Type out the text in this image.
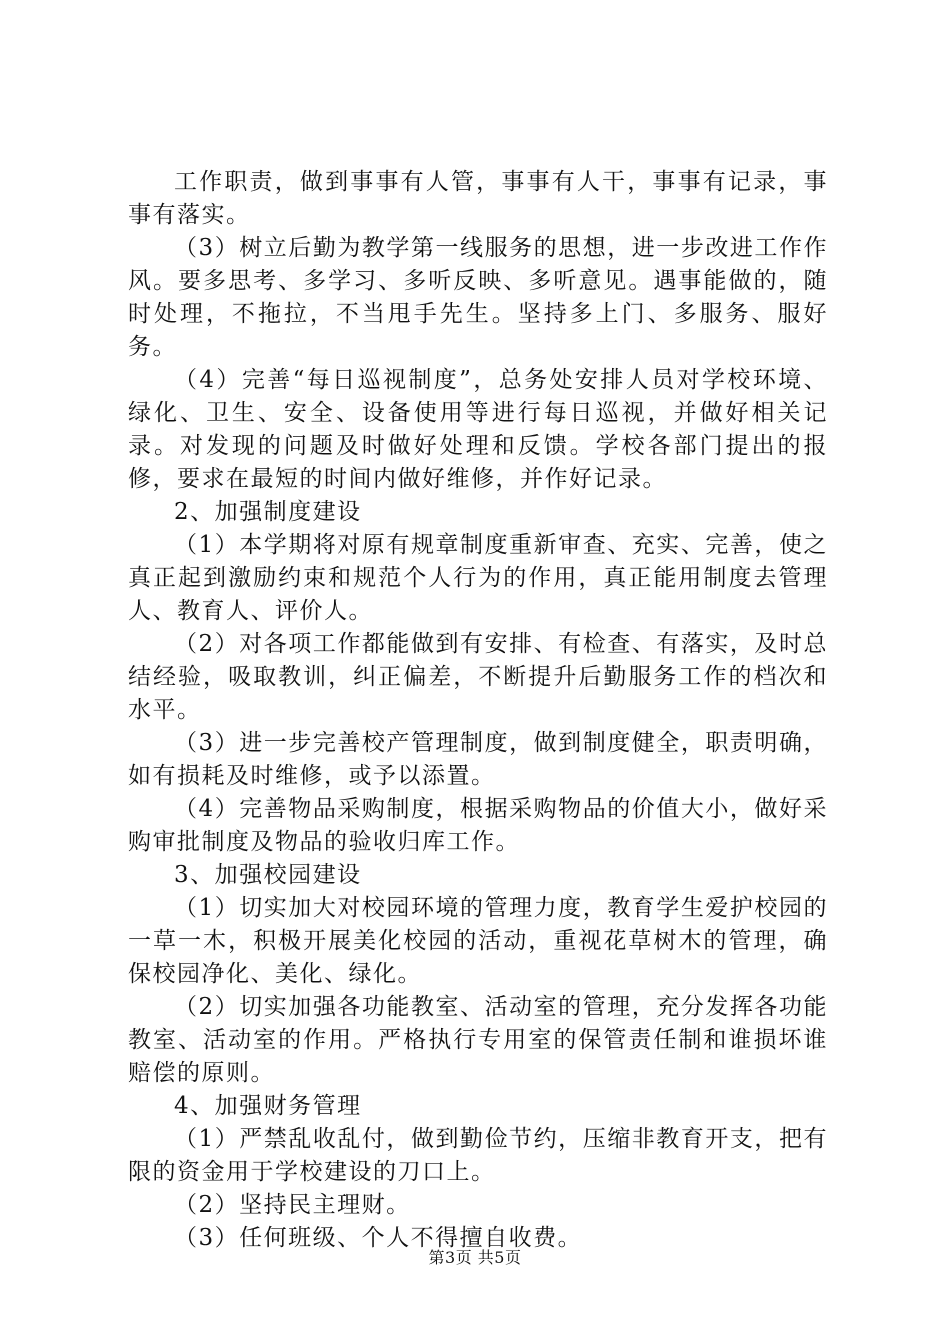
工作职责，做到事事有人管，事事有人干，事事有记录，事事有落实。

（3）树立后勤为教学第一线服务的思想，进一步改进工作作风。要多思考、多学习、多听反映、多听意见。遇事能做的，随时处理，不拖拉，不当甩手先生。坚持多上门、多服务、服好务。

（4）完善“每日巡视制度”，总务处安排人员对学校环境、绿化、卫生、安全、设备使用等进行每日巡视，并做好相关记录。对发现的问题及时做好处理和反馈。学校各部门提出的报修，要求在最短的时间内做好维修，并作好记录。

2、加强制度建设

（1）本学期将对原有规章制度重新审查、充实、完善，使之真正起到激励约束和规范个人行为的作用，真正能用制度去管理人、教育人、评价人。

（2）对各项工作都能做到有安排、有检查、有落实，及时总结经验，吸取教训，纠正偏差，不断提升后勤服务工作的档次和水平。

（3）进一步完善校产管理制度，做到制度健全，职责明确，如有损耗及时维修，或予以添置。

（4）完善物品采购制度，根据采购物品的价值大小，做好采购审批制度及物品的验收归库工作。

3、加强校园建设

（1）切实加大对校园环境的管理力度，教育学生爱护校园的一草一木，积极开展美化校园的活动，重视花草树木的管理，确保校园净化、美化、绿化。

（2）切实加强各功能教室、活动室的管理，充分发挥各功能教室、活动室的作用。严格执行专用室的保管责任制和谁损坏谁赔偿的原则。

4、加强财务管理

（1）严禁乱收乱付，做到勤俭节约，压缩非教育开支，把有限的资金用于学校建设的刀口上。

（2）坚持民主理财。

（3）任何班级、个人不得擅自收费。

第3页 共5页
